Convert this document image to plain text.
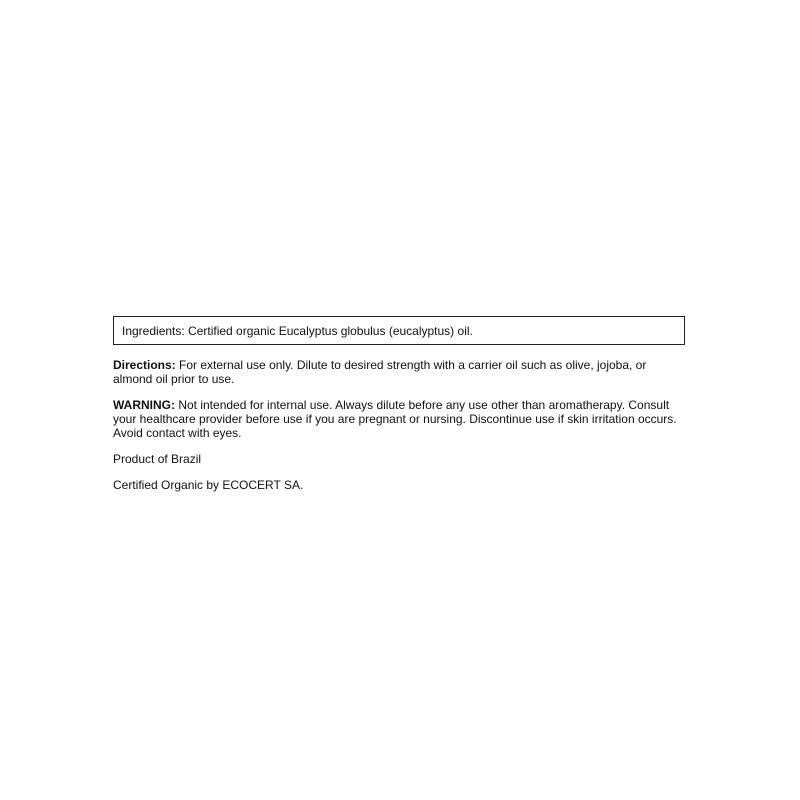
Ingredients: Certified organic Eucalyptus globulus (eucalyptus) oil.

Directions: For external use only. Dilute to desired strength with a carrier oil such as olive, jojoba, or almond oil prior to use.

WARNING: Not intended for internal use. Always dilute before any use other than aromatherapy. Consult your healthcare provider before use if you are pregnant or nursing. Discontinue use if skin irritation occurs. Avoid contact with eyes.

Product of Brazil

Certified Organic by ECOCERT SA.
